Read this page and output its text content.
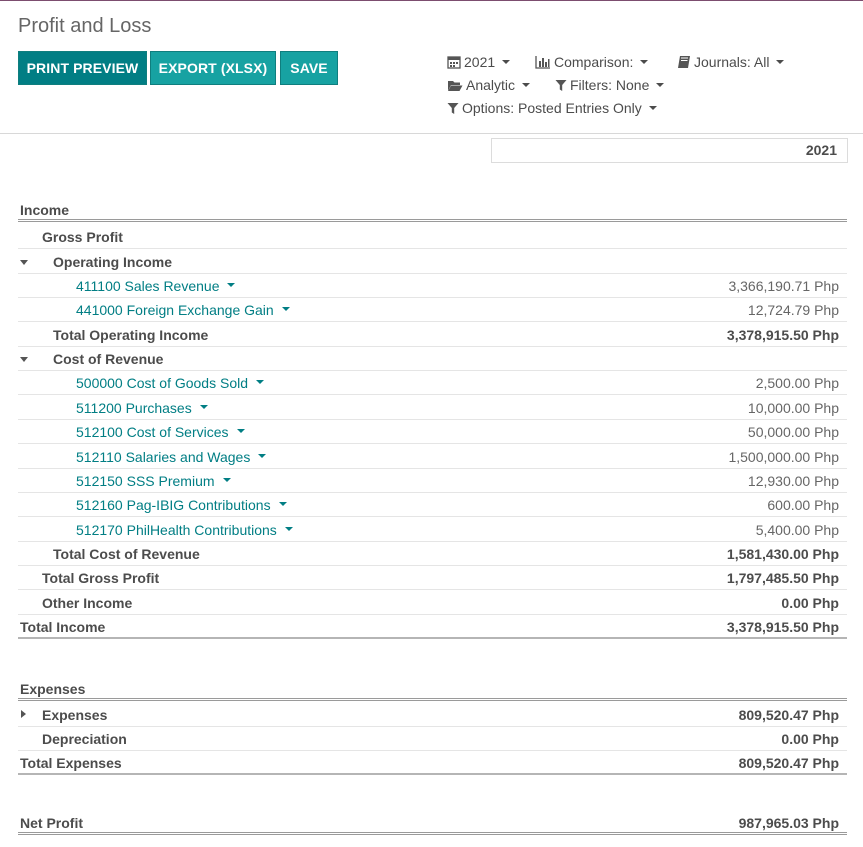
Profit and Loss
PRINT PREVIEW	EXPORT (XLSX)	SAVE	2021	Comparison:	Journals: All
Analytic	Filters: None
Options: Posted Entries Only
2021
Income
Gross Profit
Operating Income
411100 Sales Revenue	3,366,190.71 Php
441000 Foreign Exchange Gain	12,724.79 Php
Total Operating Income	3,378,915.50 Php
Cost of Revenue
500000 Cost of Goods Sold	2,500.00 Php
511200 Purchases	10,000.00 Php
512100 Cost of Services	50,000.00 Php
512110 Salaries and Wages	1,500,000.00 Php
512150 SSS Premium	12,930.00 Php
512160 Pag-IBIG Contributions	600.00 Php
512170 PhilHealth Contributions	5,400.00 Php
Total Cost of Revenue	1,581,430.00 Php
Total Gross Profit	1,797,485.50 Php
Other Income	0.00 Php
Total Income	3,378,915.50 Php
Expenses
Expenses	809,520.47 Php
Depreciation	0.00 Php
Total Expenses	809,520.47 Php
Net Profit	987,965.03 Php
